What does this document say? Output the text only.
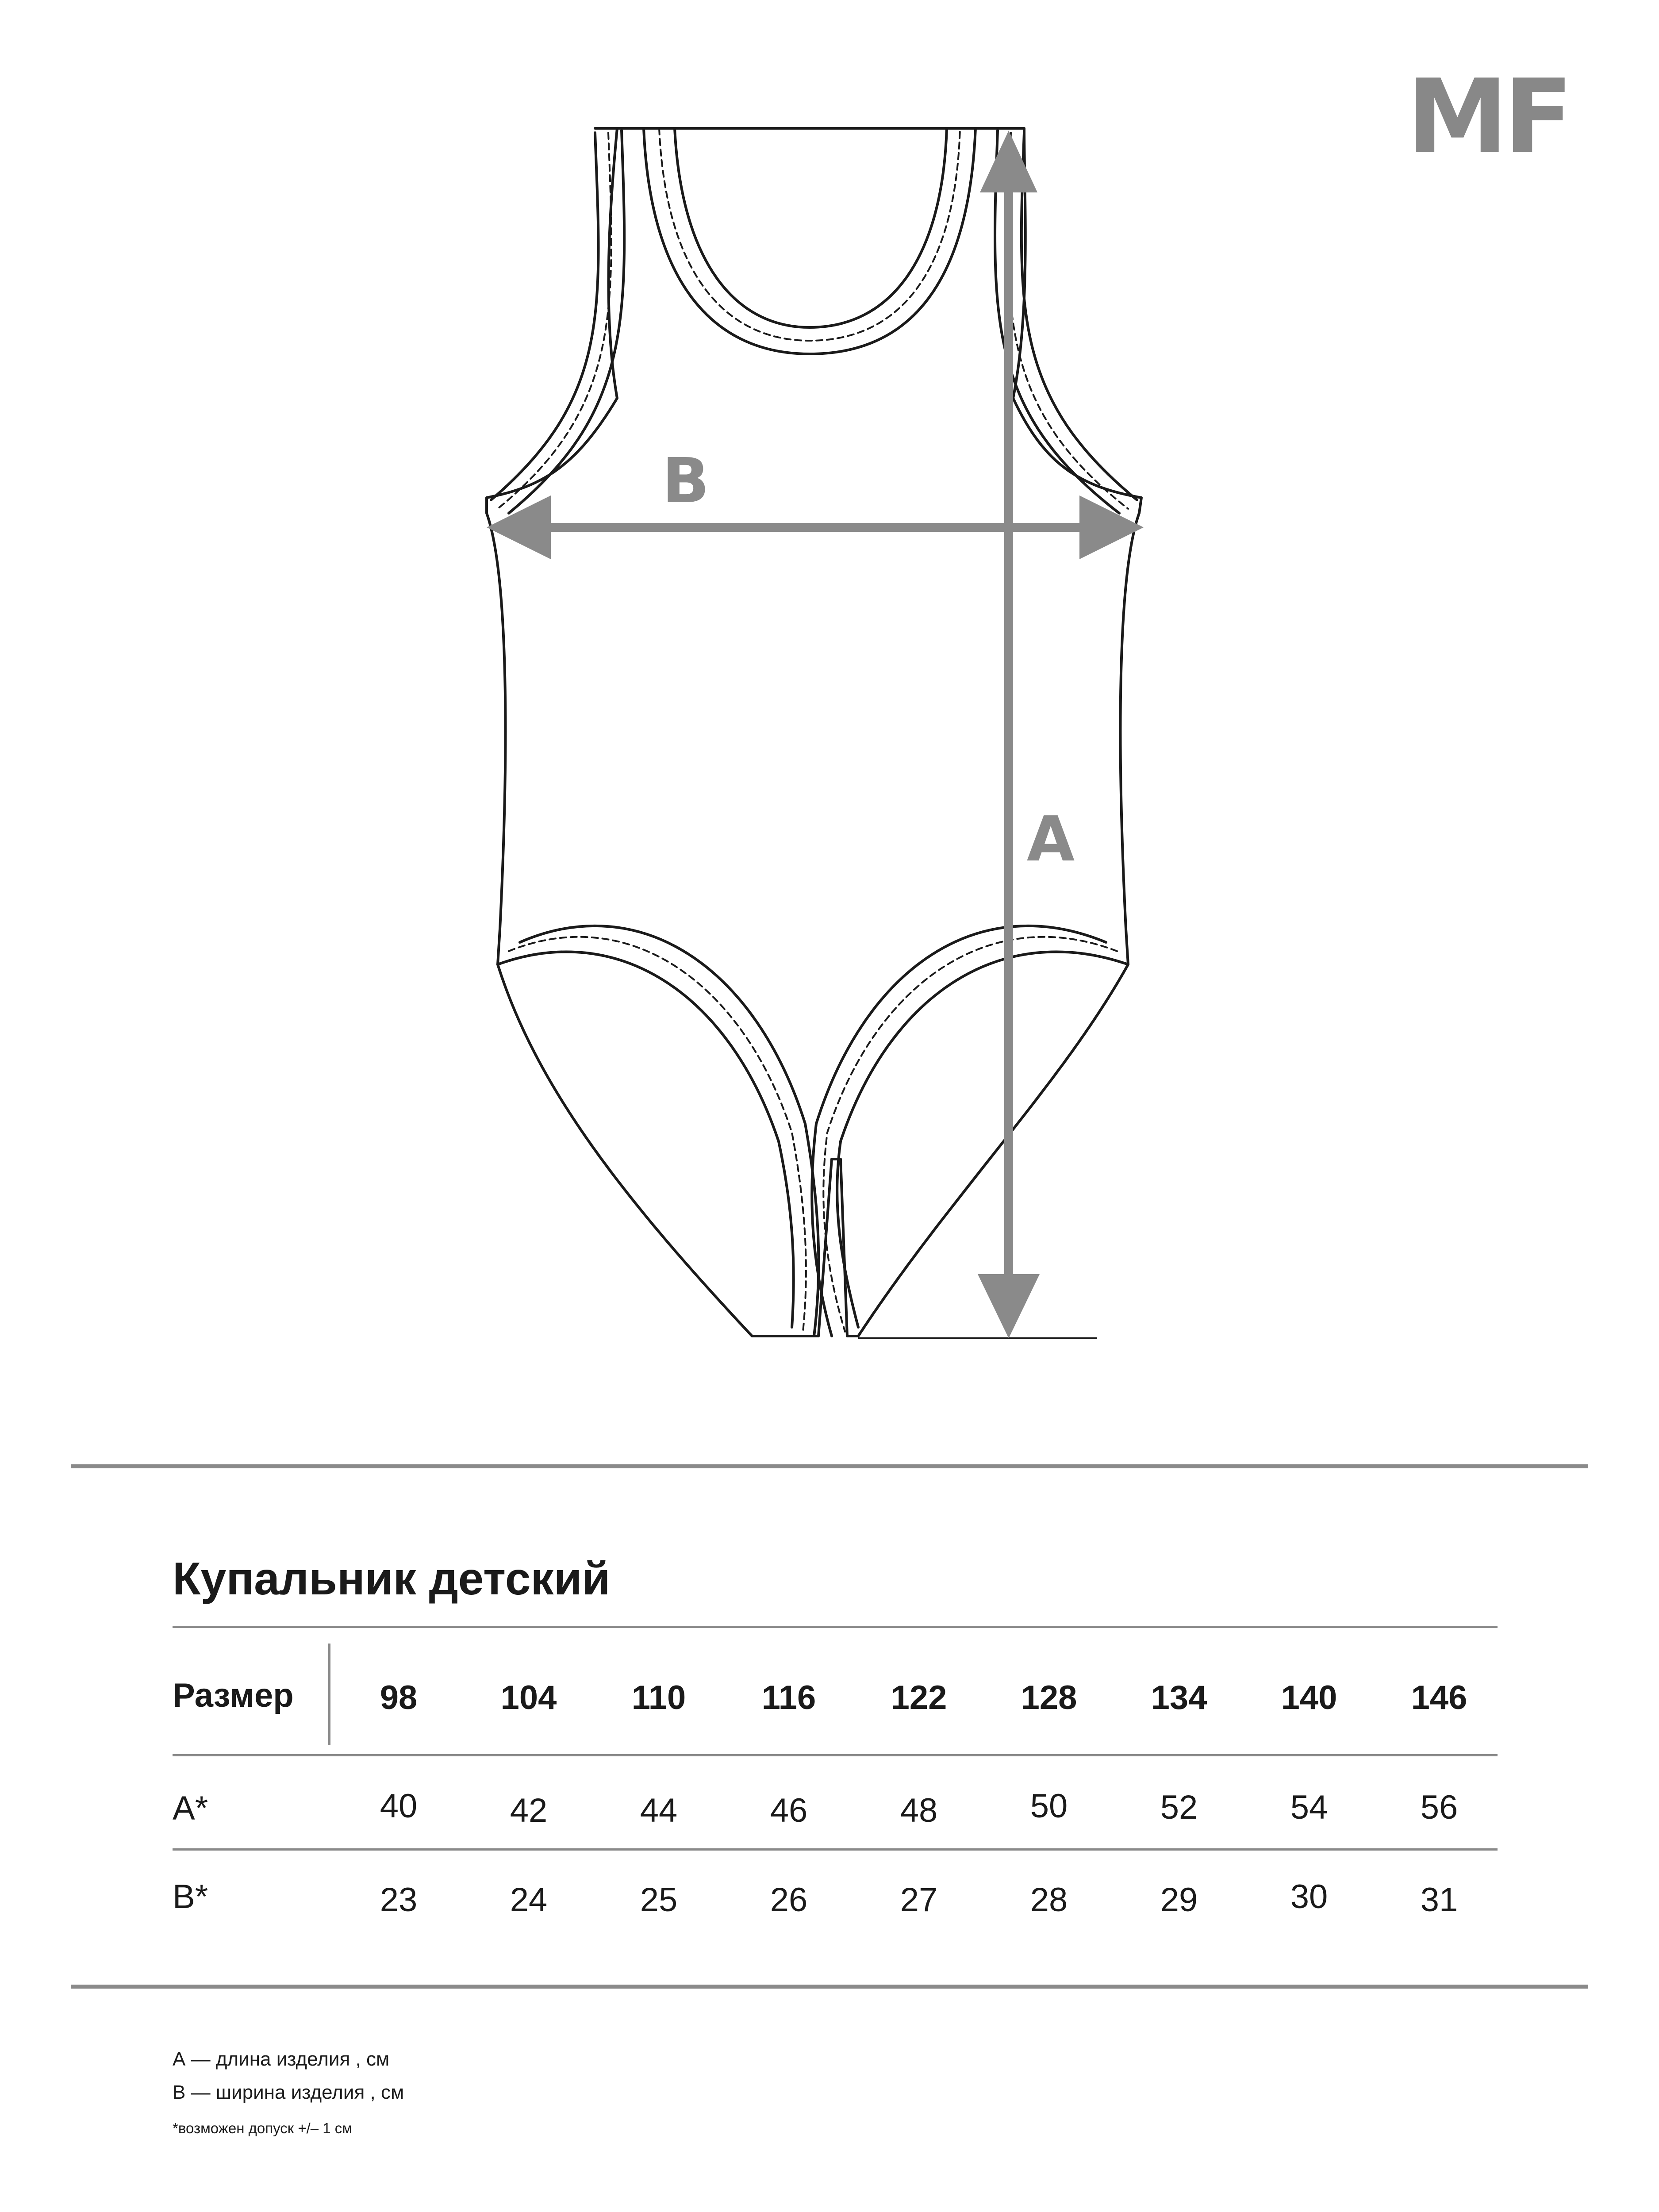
B
A
MF
Купальник детский
Размер	98	104	110	116	122	128	134	140	146
A*	40	42	44	46	48	50	52	54	56
B*	23	24	25	26	27	28	29	30	31
А — длина изделия , см
В — ширина изделия , см
*возможен допуск +/– 1 см
